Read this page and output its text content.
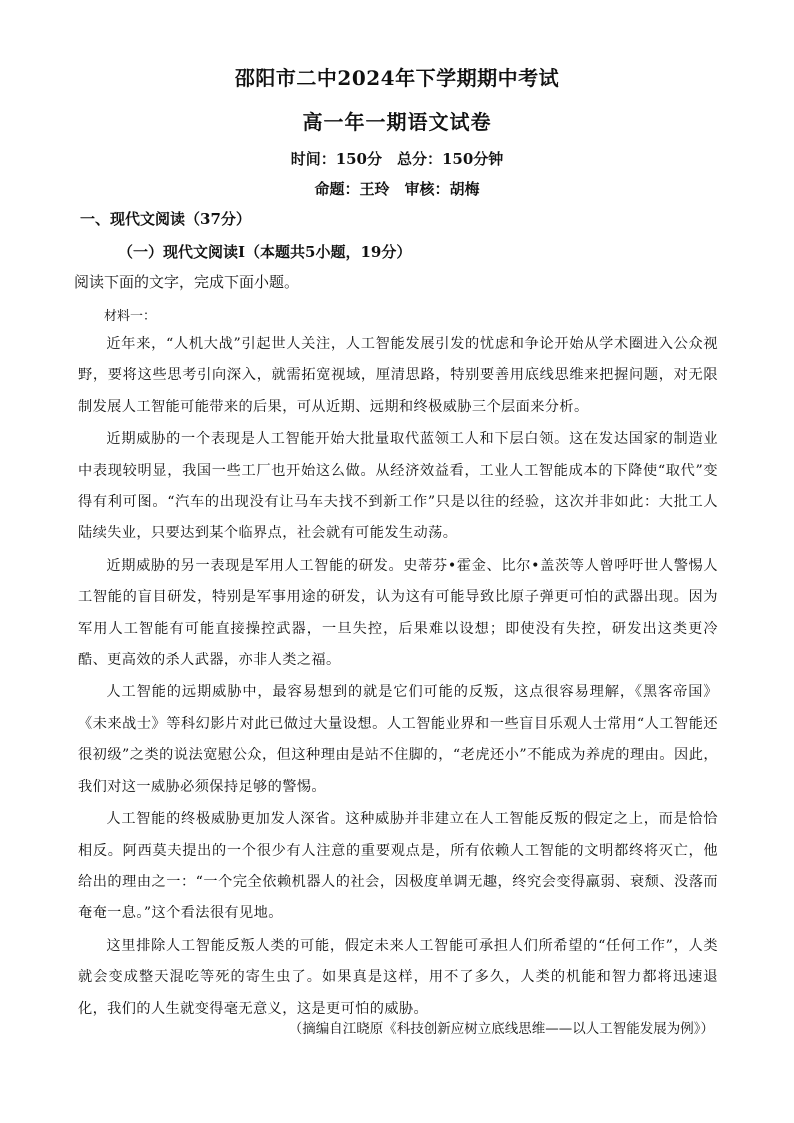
邵阳市二中2024年下学期期中考试
高一年一期语文试卷
时间：150分　总分：150分钟
命题：王玲　审核：胡梅
一、现代文阅读（37分）
（一）现代文阅读Ⅰ（本题共5小题，19分）
阅读下面的文字，完成下面小题。
材料一：

近年来，“人机大战”引起世人关注，人工智能发展引发的忧虑和争论开始从学术圈进入公众视野，要将这些思考引向深入，就需拓宽视域，厘清思路，特别要善用底线思维来把握问题，对无限制发展人工智能可能带来的后果，可从近期、远期和终极威胁三个层面来分析。

近期威胁的一个表现是人工智能开始大批量取代蓝领工人和下层白领。这在发达国家的制造业中表现较明显，我国一些工厂也开始这么做。从经济效益看，工业人工智能成本的下降使“取代”变得有利可图。“汽车的出现没有让马车夫找不到新工作”只是以往的经验，这次并非如此：大批工人陆续失业，只要达到某个临界点，社会就有可能发生动荡。

近期威胁的另一表现是军用人工智能的研发。史蒂芬•霍金、比尔•盖茨等人曾呼吁世人警惕人工智能的盲目研发，特别是军事用途的研发，认为这有可能导致比原子弹更可怕的武器出现。因为军用人工智能有可能直接操控武器，一旦失控，后果难以设想；即使没有失控，研发出这类更冷酷、更高效的杀人武器，亦非人类之福。

人工智能的远期威胁中，最容易想到的就是它们可能的反叛，这点很容易理解，《黑客帝国》《未来战士》等科幻影片对此已做过大量设想。人工智能业界和一些盲目乐观人士常用“人工智能还很初级”之类的说法宽慰公众，但这种理由是站不住脚的，“老虎还小”不能成为养虎的理由。因此，我们对这一威胁必须保持足够的警惕。

人工智能的终极威胁更加发人深省。这种威胁并非建立在人工智能反叛的假定之上，而是恰恰相反。阿西莫夫提出的一个很少有人注意的重要观点是，所有依赖人工智能的文明都终将灭亡，他给出的理由之一：“一个完全依赖机器人的社会，因极度单调无趣，终究会变得羸弱、衰颓、没落而奄奄一息。”这个看法很有见地。

这里排除人工智能反叛人类的可能，假定未来人工智能可承担人们所希望的“任何工作”，人类就会变成整天混吃等死的寄生虫了。如果真是这样，用不了多久，人类的机能和智力都将迅速退化，我们的人生就变得毫无意义，这是更可怕的威胁。

（摘编自江晓原《科技创新应树立底线思维——以人工智能发展为例》）
